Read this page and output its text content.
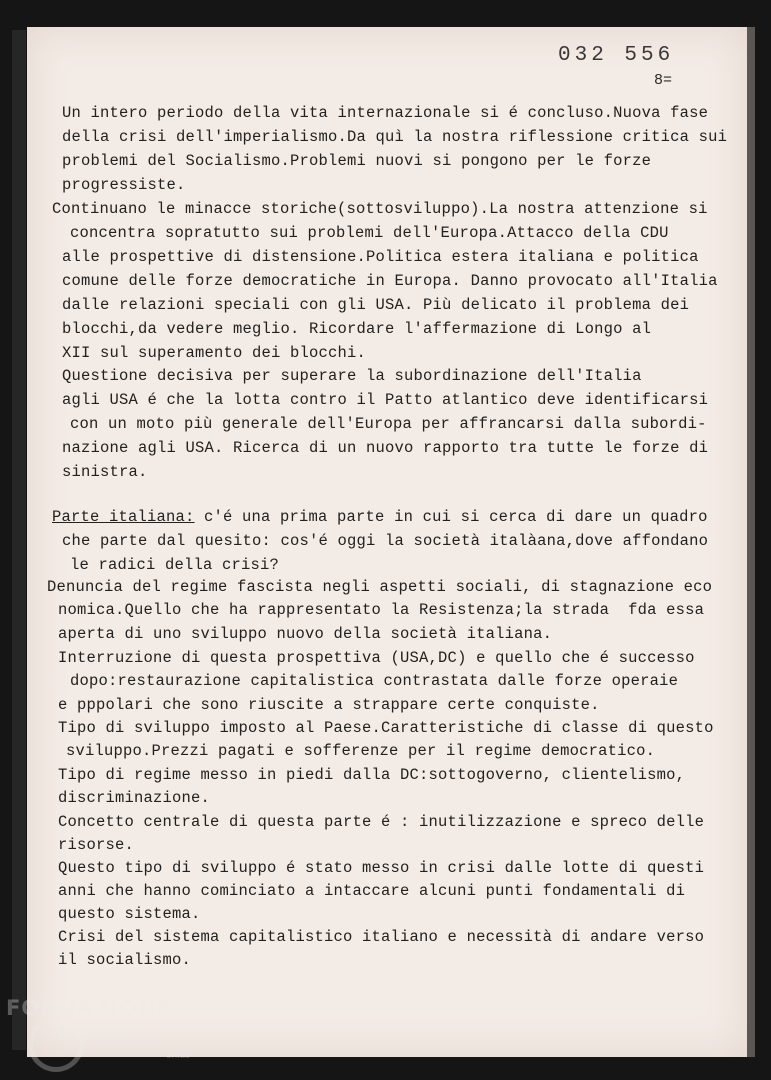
032 556
8=
Un intero periodo della vita internazionale si é concluso.Nuova fase
della crisi dell'imperialismo.Da quì la nostra riflessione critica sui
problemi del Socialismo.Problemi nuovi si pongono per le forze
progressiste.
Continuano le minacce storiche(sottosviluppo).La nostra attenzione si
concentra sopratutto sui problemi dell'Europa.Attacco della CDU
alle prospettive di distensione.Politica estera italiana e politica
comune delle forze democratiche in Europa. Danno provocato all'Italia
dalle relazioni speciali con gli USA. Più delicato il problema dei
blocchi,da vedere meglio. Ricordare l'affermazione di Longo al
XII sul superamento dei blocchi.
Questione decisiva per superare la subordinazione dell'Italia
agli USA é che la lotta contro il Patto atlantico deve identificarsi
con un moto più generale dell'Europa per affrancarsi dalla subordi-
nazione agli USA. Ricerca di un nuovo rapporto tra tutte le forze di
sinistra.
Parte italiana: c'é una prima parte in cui si cerca di dare un quadro
che parte dal quesito: cos'é oggi la società italàana,dove affondano
le radici della crisi?
Denuncia del regime fascista negli aspetti sociali, di stagnazione eco
nomica.Quello che ha rappresentato la Resistenza;la strada  fda essa
aperta di uno sviluppo nuovo della società italiana.
Interruzione di questa prospettiva (USA,DC) e quello che é successo
dopo:restaurazione capitalistica contrastata dalle forze operaie
e pppolari che sono riuscite a strappare certe conquiste.
Tipo di sviluppo imposto al Paese.Caratteristiche di classe di questo
sviluppo.Prezzi pagati e sofferenze per il regime democratico.
Tipo di regime messo in piedi dalla DC:sottogoverno, clientelismo,
discriminazione.
Concetto centrale di questa parte é : inutilizzazione e spreco delle
risorse.
Questo tipo di sviluppo é stato messo in crisi dalle lotte di questi
anni che hanno cominciato a intaccare alcuni punti fondamentali di
questo sistema.
Crisi del sistema capitalistico italiano e necessità di andare verso
il socialismo.
FONDAZIONE
RAMSCI
onlus
